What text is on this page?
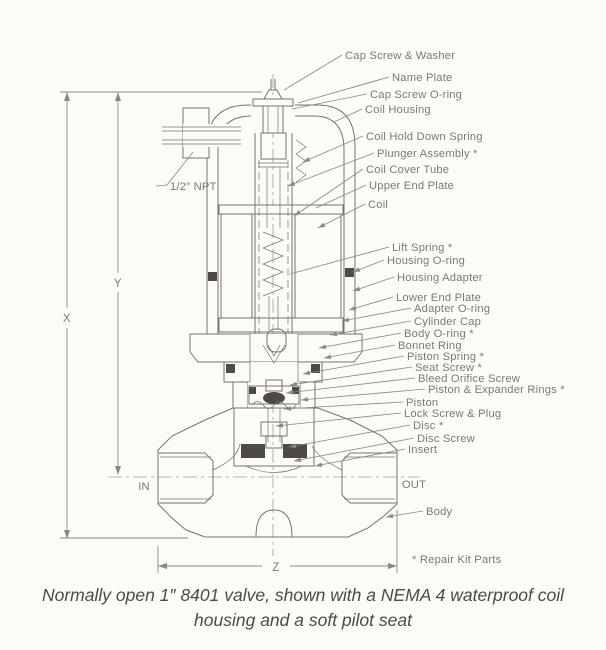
Cap Screw & Washer
Name Plate
Cap Screw O-ring
Coil Housing
Coil Hold Down Spring
Plunger Assembly *
Coil Cover Tube
Upper End Plate
Coil
Lift Spring *
Housing O-ring
Housing Adapter
Lower End Plate
Adapter O-ring
Cylinder Cap
Body O-ring *
Bonnet Ring
Piston Spring *
Seat Screw *
Bleed Orifice Screw
Piston & Expander Rings *
Piston
Lock Screw & Plug
Disc *
Disc Screw
Insert
Body
1/2″ NPT
X
Y
Z
IN	OUT
* Repair Kit Parts
Normally open 1″ 8401 valve, shown with a NEMA 4 waterproof coil
housing and a soft pilot seat
